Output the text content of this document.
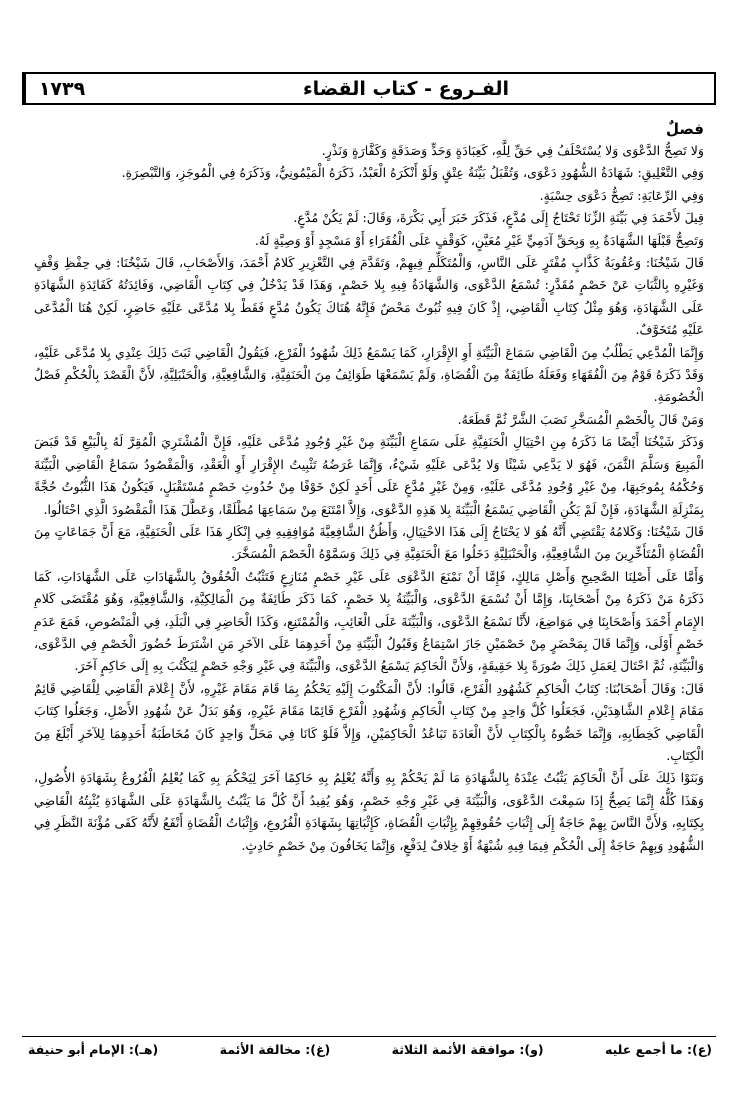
الفـروع - كتاب القضاء
١٧٣٩
فصلٌ

وَلا تَصِحُّ الدَّعْوَى وَلا يُسْتَحْلَفُ فِي حَقِّ لِلَّهِ، كَعِبَادَةٍ وَحَدٍّ وَصَدَقَةٍ وَكَفَّارَةٍ وَنَذْرٍ.

وَفِي التَّعْلِيقِ: شَهَادَةُ الشُّهُودِ دَعْوَى، وَتُقْبَلُ بَيِّنَةُ عِتْقٍ وَلَوْ أَنْكَرَهُ الْعَبْدُ، ذَكَرَهُ الْمَيْمُونِيُّ، وَذَكَرَهُ فِي الْمُوجَزِ، وَالتَّبْصِرَةِ.

وَفِي الرِّعَايَةِ: تَصِحُّ دَعْوَى حِسْبَةٍ.

قِيلَ لأَحْمَدَ فِي بَيِّنَةِ الزِّنَا تَحْتَاجُ إِلَى مُدَّعٍ، فَذَكَرَ خَبَرَ أَبِي بَكْرَةَ، وَقَالَ: لَمْ يَكُنْ مُدَّعٍ.

وَتَصِحُّ قَبْلَهَا الشَّهَادَةُ بِهِ وَبِحَقِّ آدَمِيٍّ غَيْرِ مُعَيَّنٍ، كَوَقْفٍ عَلَى الْفُقَرَاءِ أَوْ مَسْجِدٍ أَوْ وَصِيَّةٍ لَهُ.

قَالَ شَيْخُنَا: وَعُقُوبَةُ كَذَّابٍ مُفْتَرٍ عَلَى النَّاسِ، وَالْمُتَكَلِّمِ فِيهِمْ، وَتَقَدَّمَ فِي التَّعْزِيرِ كَلامُ أَحْمَدَ، وَالأَصْحَابِ، قَالَ شَيْخُنَا: فِي حِفْظِ وَقْفٍ وَغَيْرِهِ بِالثَّبَاتِ عَنْ خَصْمٍ مُقَدَّرٍ: تُسْمَعُ الدَّعْوَى، وَالشَّهَادَةُ فِيهِ بِلا خَصْمٍ، وَهَذَا قَدْ يَدْخُلُ فِي كِتَابِ الْقَاضِي، وَفَائِدَتُهُ كَفَائِدَةِ الشَّهَادَةِ عَلَى الشَّهَادَةِ، وَهُوَ مِثْلُ كِتَابِ الْقَاضِي، إِذْ كَانَ فِيهِ ثُبُوتٌ مَحْضٌ فَإِنَّهُ هُنَاكَ يَكُونُ مُدَّعٍ فَقَطْ بِلا مُدَّعًى عَلَيْهِ حَاضِرٍ، لَكِنْ هُنَا الْمُدَّعَى عَلَيْهِ مُتَخَوَّفٌ.

وَإِنَّمَا الْمُدَّعِي يَطْلُبُ مِنَ الْقَاضِي سَمَاعَ الْبَيِّنَةِ أَوِ الإِقْرَارِ، كَمَا يَسْمَعُ ذَلِكَ شُهُودُ الْفَرْعِ، فَيَقُولُ الْقَاضِي ثَبَتَ ذَلِكَ عِنْدِي بِلا مُدَّعًى عَلَيْهِ، وَقَدْ ذَكَرَهُ قَوْمٌ مِنَ الْفُقَهَاءِ وَفَعَلَهُ طَائِفَةٌ مِنَ الْقُضَاةِ، وَلَمْ يَسْمَعْهَا طَوَائِفُ مِنَ الْحَنَفِيَّةِ، وَالشَّافِعِيَّةِ، وَالْحَنْبَلِيَّةِ، لأَنَّ الْقَصْدَ بِالْحُكْمِ فَصْلُ الْخُصُومَةِ.

وَمَنْ قَالَ بِالْخَصْمِ الْمُسَخَّرِ نَصَبَ الشَّرَّ ثُمَّ قَطَعَهُ.

وَذَكَرَ شَيْخُنَا أَيْضًا مَا ذَكَرَهُ مِنِ احْتِيَالِ الْحَنَفِيَّةِ عَلَى سَمَاعِ الْبَيِّنَةِ مِنْ غَيْرِ وُجُودِ مُدَّعًى عَلَيْهِ، فَإِنَّ الْمُشْتَرِيَ الْمُقِرَّ لَهُ بِالْبَيْعِ قَدْ قَبَضَ الْمَبِيعَ وَسَلَّمَ الثَّمَنَ، فَهُوَ لا يَدَّعِي شَيْئًا وَلا يُدَّعَى عَلَيْهِ شَيْءٌ، وَإِنَّمَا غَرَضُهُ تَثْبِيتُ الإِقْرَارِ أَوِ الْعَقْدِ، وَالْمَقْصُودُ سَمَاعُ الْقَاضِي الْبَيِّنَةَ وَحُكْمُهُ بِمُوجَبِهَا، مِنْ غَيْرِ وُجُودِ مُدَّعًى عَلَيْهِ، وَمِنْ غَيْرِ مُدَّعٍ عَلَى أَحَدٍ لَكِنْ خَوْفًا مِنْ حُدُوثِ خَصْمٍ مُسْتَقْبَلٍ، فَيَكُونُ هَذَا الثُّبُوتُ حُجَّةً بِمَنْزِلَةِ الشَّهَادَةِ، فَإِنْ لَمْ يَكُنِ الْقَاضِي يَسْمَعُ الْبَيِّنَةَ بِلا هَذِهِ الدَّعْوَى، وَإِلاَّ امْتَنَعَ مِنْ سَمَاعِهَا مُطْلَقًا، وَعَطَّلَ هَذَا الْمَقْصُودَ الَّذِي احْتَالُوا.

قَالَ شَيْخُنَا: وَكَلامُهُ يَقْتَضِي أَنَّهُ هُوَ لا يَحْتَاجُ إِلَى هَذَا الاحْتِيَالِ، وَأَظُنُّ الشَّافِعِيَّةَ مُوَافِقِيهِ فِي إِنْكَارِ هَذَا عَلَى الْحَنَفِيَّةِ، مَعَ أَنَّ جَمَاعَاتٍ مِنَ الْقُضَاةِ الْمُتَأَخِّرِينَ مِنَ الشَّافِعِيَّةِ، وَالْحَنْبَلِيَّةِ دَخَلُوا مَعَ الْحَنَفِيَّةِ فِي ذَلِكَ وَسَمَّوْهُ الْخَصْمَ الْمُسَخَّرَ.

وَأَمَّا عَلَى أَصْلِنَا الصَّحِيحِ وَأَصْلِ مَالِكٍ، فَإِمَّا أَنْ نَمْنَعَ الدَّعْوَى عَلَى غَيْرِ خَصْمٍ مُنَازِعٍ فَتَثْبُتُ الْحُقُوقُ بِالشَّهَادَاتِ عَلَى الشَّهَادَاتِ، كَمَا ذَكَرَهُ مَنْ ذَكَرَهُ مِنْ أَصْحَابِنَا، وَإِمَّا أَنْ تُسْمَعَ الدَّعْوَى، وَالْبَيِّنَةُ بِلا خَصْمٍ، كَمَا ذَكَرَ طَائِفَةٌ مِنَ الْمَالِكِيَّةِ، وَالشَّافِعِيَّةِ، وَهُوَ مُقْتَضَى كَلامِ الإِمَامِ أَحْمَدَ وَأَصْحَابِنَا فِي مَوَاضِعَ، لأَنَّا نَسْمَعُ الدَّعْوَى، وَالْبَيِّنَةَ عَلَى الْغَائِبِ، وَالْمُمْتَنِعِ، وَكَذَا الْحَاضِرِ فِي الْبَلَدِ، فِي الْمَنْصُوصِ، فَمَعَ عَدَمِ خَصْمٍ أَوْلَى، وَإِنَّمَا قَالَ بِمَحْضَرٍ مِنْ خَصْمَيْنِ جَازَ اسْتِمَاعُ وَقَبُولُ الْبَيِّنَةِ مِنْ أَحَدِهِمَا عَلَى الآخَرِ مَنِ اشْتَرَطَ حُضُورَ الْخَصْمِ فِي الدَّعْوَى، وَالْبَيِّنَةِ، ثُمَّ احْتَالَ لِعَمَلِ ذَلِكَ صُورَةً بِلا حَقِيقَةٍ، وَلأَنَّ الْحَاكِمَ يَسْمَعُ الدَّعْوَى، وَالْبَيِّنَةَ فِي غَيْرِ وَجْهِ خَصْمٍ لِيَكْتُبَ بِهِ إِلَى حَاكِمٍ آخَرَ.

قَالَ: وَقَالَ أَصْحَابُنَا: كِتَابُ الْحَاكِمِ كَشُهُودِ الْفَرْعِ، قَالُوا: لأَنَّ الْمَكْتُوبَ إِلَيْهِ يَحْكُمُ بِمَا قَامَ مَقَامَ غَيْرِهِ، لأَنَّ إِعْلامَ الْقَاضِي لِلْقَاضِي قَائِمٌ مَقَامَ إِعْلامِ الشَّاهِدَيْنِ، فَجَعَلُوا كُلَّ وَاحِدٍ مِنْ كِتَابِ الْحَاكِمِ وَشُهُودِ الْفَرْعِ قَائِمًا مَقَامَ غَيْرِهِ، وَهُوَ بَدَلٌ عَنْ شُهُودِ الأَصْلِ، وَجَعَلُوا كِتَابَ الْقَاضِي كَخِطَابِهِ، وَإِنَّمَا خَصُّوهُ بِالْكِتَابِ لأَنَّ الْعَادَةَ تَبَاعُدُ الْحَاكِمَيْنِ، وَإِلاَّ فَلَوْ كَانَا فِي مَحَلٍّ وَاحِدٍ كَانَ مُخَاطَبَةُ أَحَدِهِمَا لِلآخَرِ أَبْلَغَ مِنَ الْكِتَابِ.

وَبَنَوْا ذَلِكَ عَلَى أَنَّ الْحَاكِمَ يَثْبُتُ عِنْدَهُ بِالشَّهَادَةِ مَا لَمْ يَحْكُمْ بِهِ وَأَنَّهُ يُعْلِمُ بِهِ حَاكِمًا آخَرَ لِيَحْكُمَ بِهِ كَمَا يُعْلِمُ الْفُرُوعُ بِشَهَادَةِ الأُصُولِ، وَهَذَا كُلُّهُ إِنَّمَا يَصِحُّ إِذَا سَمِعْتَ الدَّعْوَى، وَالْبَيِّنَةَ فِي غَيْرِ وَجْهِ خَصْمٍ، وَهُوَ يُفِيدُ أَنَّ كُلَّ مَا يَثْبُتُ بِالشَّهَادَةِ عَلَى الشَّهَادَةِ يُثْبِتُهُ الْقَاضِي بِكِتَابِهِ، وَلأَنَّ النَّاسَ بِهِمْ حَاجَةٌ إِلَى إِثْبَاتِ حُقُوقِهِمْ بِإِثْبَاتِ الْقُضَاةِ، كَإِثْبَاتِهَا بِشَهَادَةِ الْفُرُوعِ، وَإِثْبَاتُ الْقُضَاةِ أَنْفَعُ لأَنَّهُ كَفَى مُؤْنَةَ النَّظَرِ فِي الشُّهُودِ وَبِهِمْ حَاجَةٌ إِلَى الْحُكْمِ فِيمَا فِيهِ شُبْهَةٌ أَوْ خِلافٌ لِدَفْعٍ، وَإِنَّمَا يَخَافُونَ مِنْ خَصْمٍ حَادِثٍ.

(ع): ما أجمع عليه
(و): موافقة الأئمة الثلاثة
(غ): مخالفة الأئمة
(هـ): الإمام أبو حنيفة
